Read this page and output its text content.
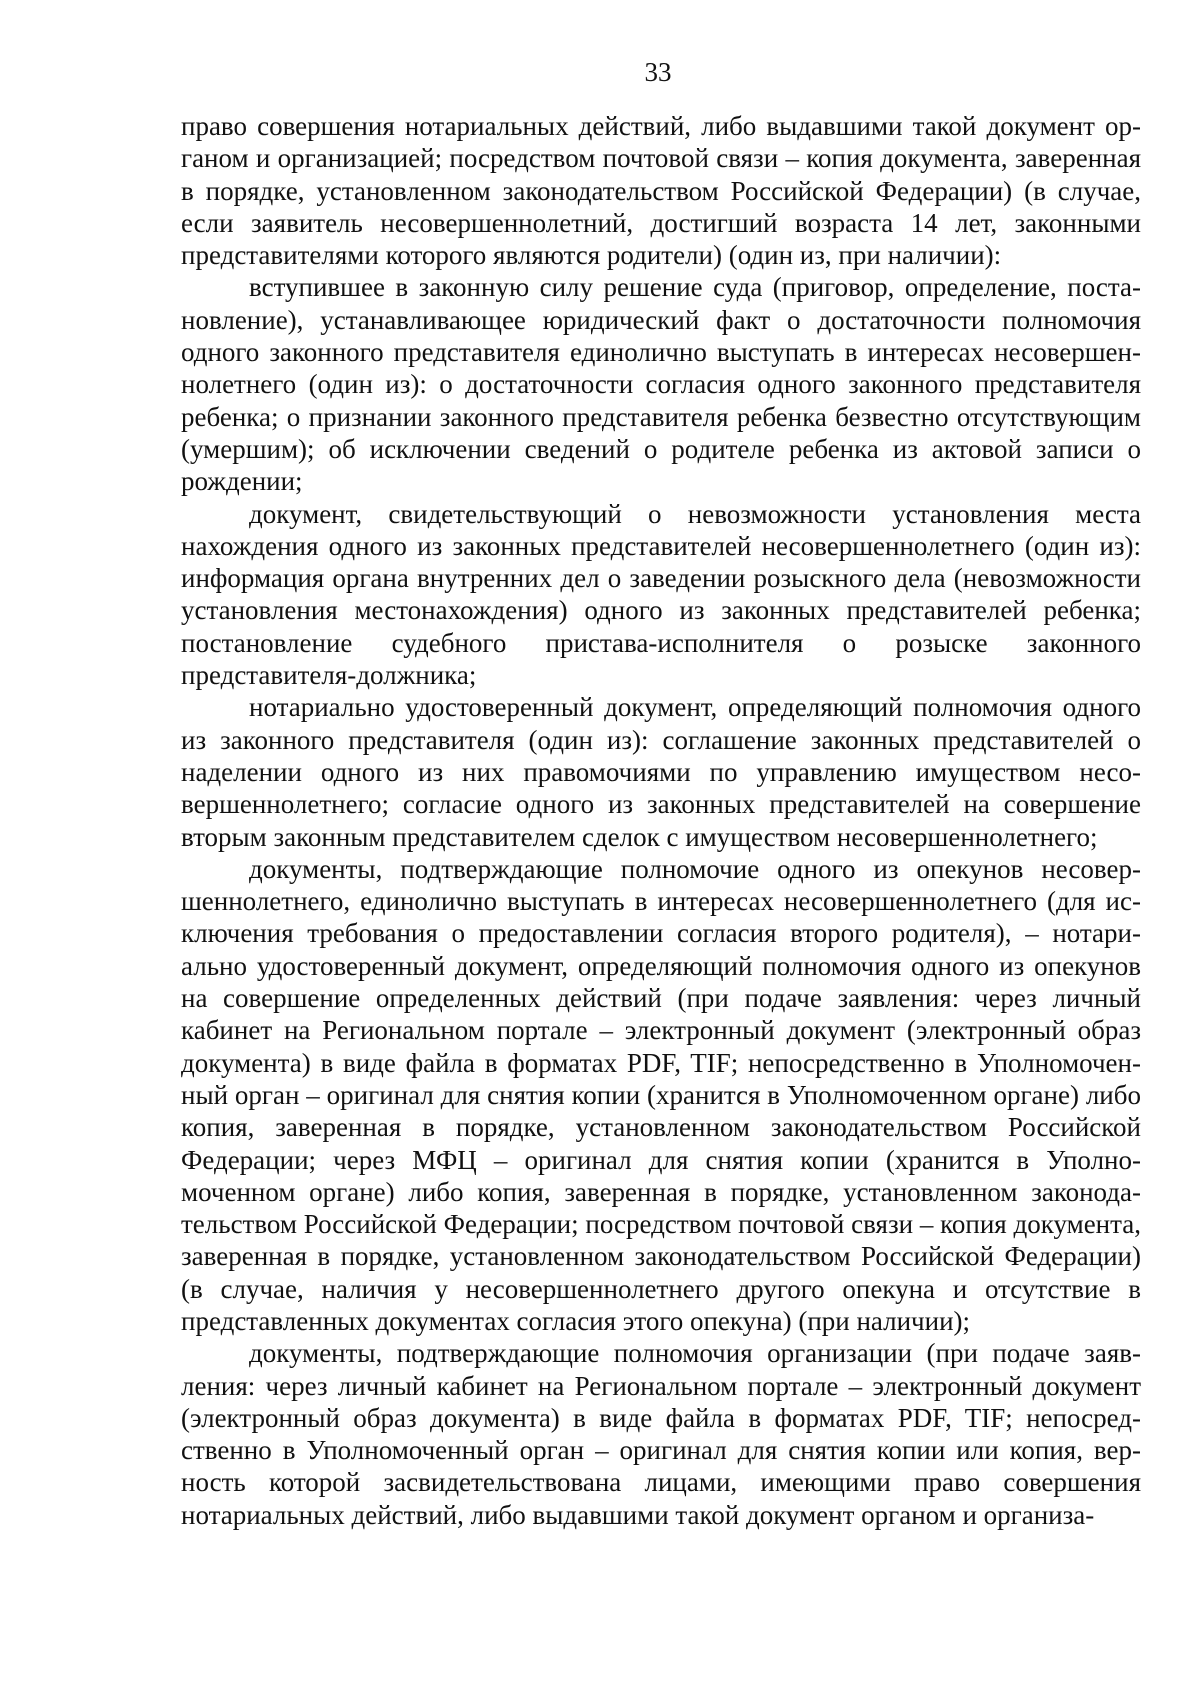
33

право совершения нотариальных действий, либо выдавшими такой документ органом и организацией; посредством почтовой связи – копия документа, заверенная в порядке, установленном законодательством Российской Федерации) (в случае, если заявитель несовершеннолетний, достигший возраста 14 лет, законными представителями которого являются родители) (один из, при наличии):

вступившее в законную силу решение суда (приговор, определение, постановление), устанавливающее юридический факт о достаточности полномочия одного законного представителя единолично выступать в интересах несовершеннолетнего (один из): о достаточности согласия одного законного представителя ребенка; о признании законного представителя ребенка безвестно отсутствующим (умершим); об исключении сведений о родителе ребенка из актовой записи о рождении;

документ, свидетельствующий о невозможности установления места нахождения одного из законных представителей несовершеннолетнего (один из): информация органа внутренних дел о заведении розыскного дела (невозможности установления местонахождения) одного из законных представителей ребенка; постановление судебного пристава-исполнителя о розыске законного представителя-должника;

нотариально удостоверенный документ, определяющий полномочия одного из законного представителя (один из): соглашение законных представителей о наделении одного из них правомочиями по управлению имуществом несовершеннолетнего; согласие одного из законных представителей на совершение вторым законным представителем сделок с имуществом несовершеннолетнего;

документы, подтверждающие полномочие одного из опекунов несовершеннолетнего, единолично выступать в интересах несовершеннолетнего (для исключения требования о предоставлении согласия второго родителя), – нотариально удостоверенный документ, определяющий полномочия одного из опекунов на совершение определенных действий (при подаче заявления: через личный кабинет на Региональном портале – электронный документ (электронный образ документа) в виде файла в форматах PDF, TIF; непосредственно в Уполномоченный орган – оригинал для снятия копии (хранится в Уполномоченном органе) либо копия, заверенная в порядке, установленном законодательством Российской Федерации; через МФЦ – оригинал для снятия копии (хранится в Уполномоченном органе) либо копия, заверенная в порядке, установленном законодательством Российской Федерации; посредством почтовой связи – копия документа, заверенная в порядке, установленном законодательством Российской Федерации) (в случае, наличия у несовершеннолетнего другого опекуна и отсутствие в представленных документах согласия этого опекуна) (при наличии);

документы, подтверждающие полномочия организации (при подаче заявления: через личный кабинет на Региональном портале – электронный документ (электронный образ документа) в виде файла в форматах PDF, TIF; непосредственно в Уполномоченный орган – оригинал для снятия копии или копия, верность которой засвидетельствована лицами, имеющими право совершения нотариальных действий, либо выдавшими такой документ органом и организа-
